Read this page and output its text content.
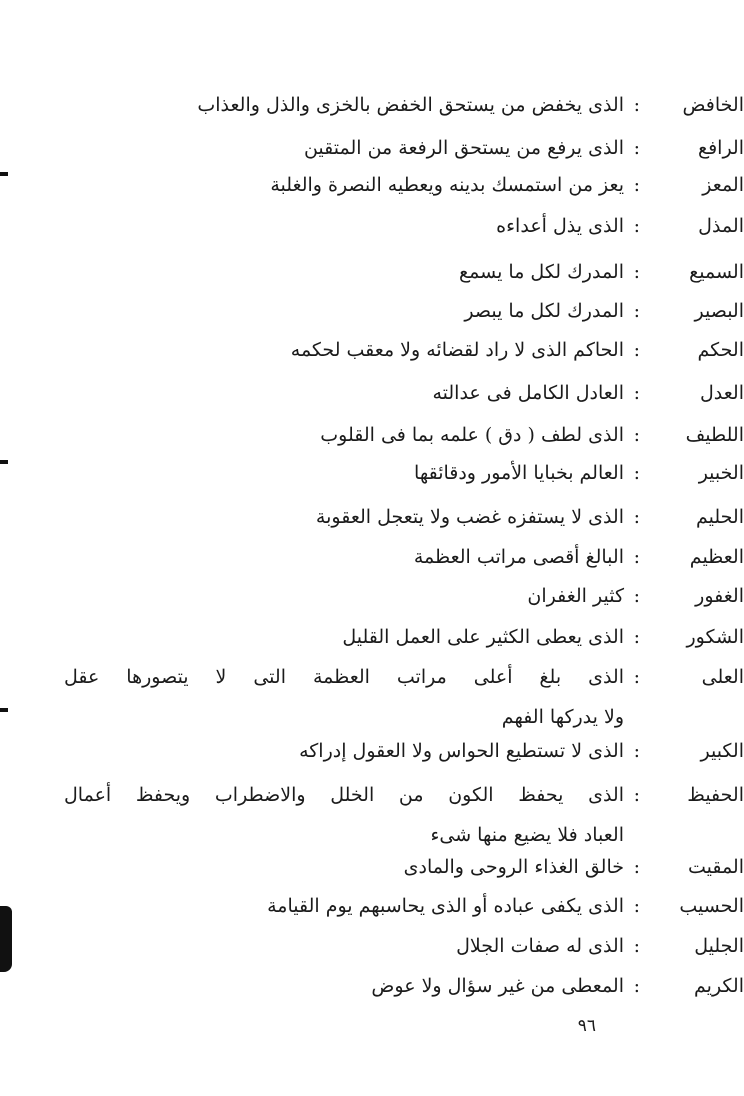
الخافض
:
الذى يخفض من يستحق الخفض بالخزى والذل والعذاب
الرافع
:
الذى يرفع من يستحق الرفعة من المتقين
المعز
:
يعز من استمسك بدينه ويعطيه النصرة والغلبة
المذل
:
الذى يذل أعداءه
السميع
:
المدرك لكل ما يسمع
البصير
:
المدرك لكل ما يبصر
الحكم
:
الحاكم الذى لا راد لقضائه ولا معقب لحكمه
العدل
:
العادل الكامل فى عدالته
اللطيف
:
الذى لطف ( دق ) علمه بما فى القلوب
الخبير
:
العالم بخبايا الأمور ودقائقها
الحليم
:
الذى لا يستفزه غضب ولا يتعجل العقوبة
العظيم
:
البالغ أقصى مراتب العظمة
الغفور
:
كثير الغفران
الشكور
:
الذى يعطى الكثير على العمل القليل
العلى
:
الذى بلغ أعلى مراتب العظمة التى لا يتصورها عقل
ولا يدركها الفهم
الكبير
:
الذى لا تستطيع الحواس ولا العقول إدراكه
الحفيظ
:
الذى يحفظ الكون من الخلل والاضطراب ويحفظ أعمال
العباد فلا يضيع منها شىء
المقيت
:
خالق الغذاء الروحى والمادى
الحسيب
:
الذى يكفى عباده أو الذى يحاسبهم يوم القيامة
الجليل
:
الذى له صفات الجلال
الكريم
:
المعطى من غير سؤال ولا عوض
٩٦
